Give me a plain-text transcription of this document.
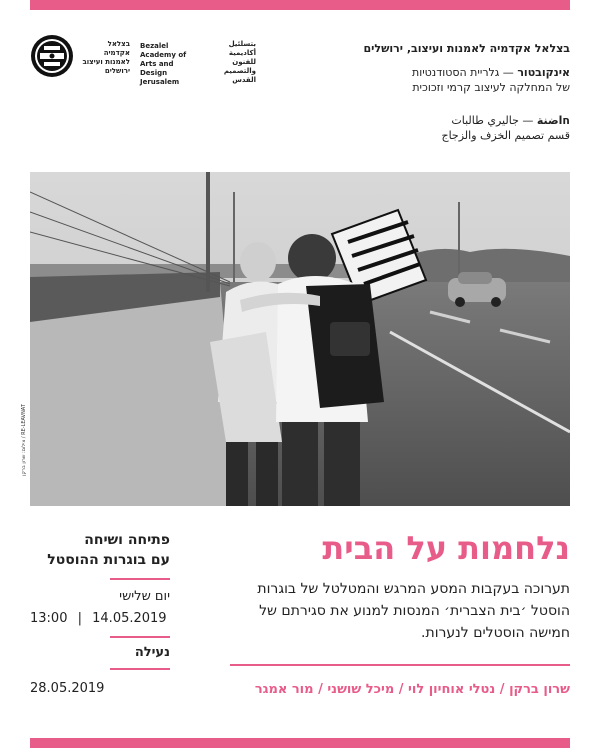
בצלאל אקדמיה לאמנות ועיצוב ירושלים
Bezalel Academy of Arts and Design Jerusalem
بتسلئيل أكاديمية للفنون والتصميم القدس
בצלאל אקדמיה לאמנות ועיצוב, ירושלים
אינקובטור — גלריית הסטודנטיות
של המחלקה לעיצוב קרמי וזכוכית
חاضنة — جاليري طالبات
قسم تصميم الخزف والزجاج
צילום: שרון ברקן / RE-LEAVNAT
נלחמות על הבית
תערוכה בעקבות המסע המרגש והמטלטל של בוגרות הוסטל ׳בית הצברית׳ המנסות למנוע את סגירתם של חמישה הוסטלים לנערות.
שרון ברקן / נטלי אוחיון לוי / מיכל שושני / מור אמגר
פתיחה ושיחה
עם בוגרות ההוסטל
יום שלישי
13:00 | 14.05.2019
נעילה
28.05.2019
